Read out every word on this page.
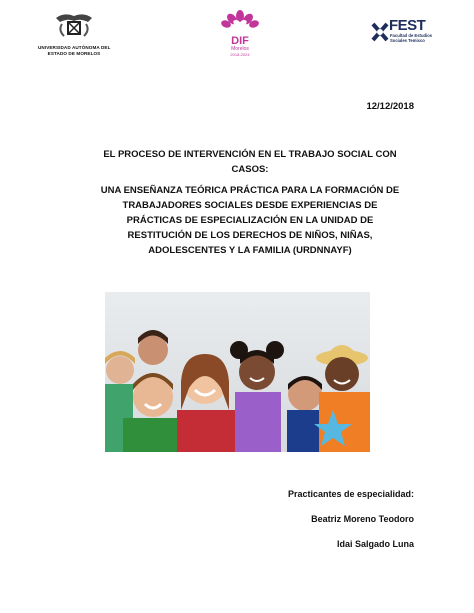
UNIVERSIDAD AUTÓNOMA DEL
ESTADO DE MORELOS
DIF
Morelos
2018-2024
FEST
Facultad de Estudios
Sociales Temixco
12/12/2018
EL PROCESO DE INTERVENCIÓN EN EL TRABAJO SOCIAL CON CASOS:
UNA ENSEÑANZA TEÓRICA PRÁCTICA PARA LA FORMACIÓN DE TRABAJADORES SOCIALES DESDE EXPERIENCIAS DE PRÁCTICAS DE ESPECIALIZACIÓN EN LA UNIDAD DE RESTITUCIÓN DE LOS DERECHOS DE NIÑOS, NIÑAS, ADOLESCENTES Y LA FAMILIA (URDNNAYF)
Practicantes de especialidad:
Beatriz Moreno Teodoro
Idai Salgado Luna
